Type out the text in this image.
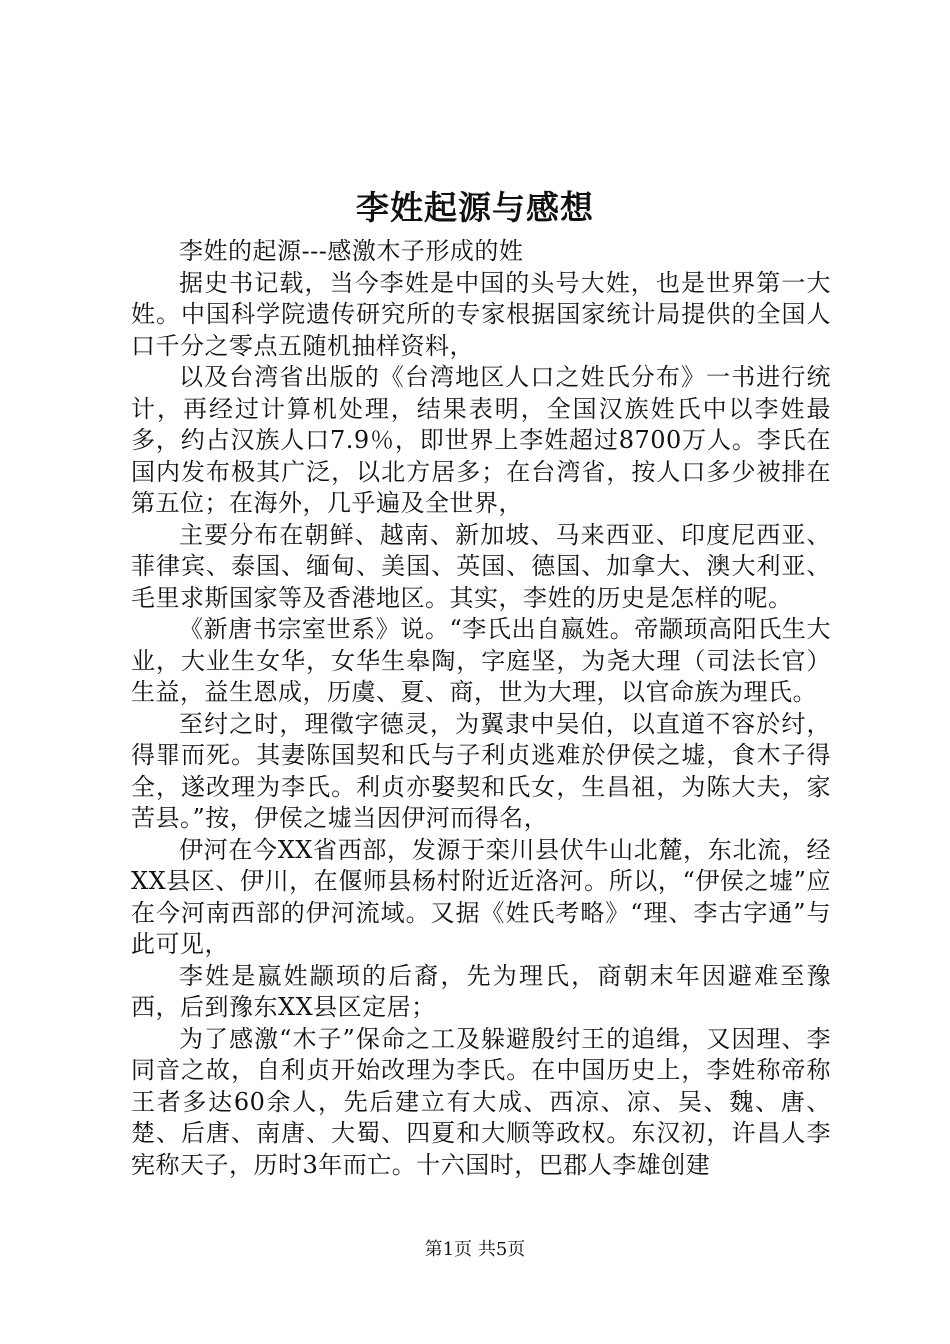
李姓起源与感想

李姓的起源---感激木子形成的姓

据史书记载，当今李姓是中国的头号大姓，也是世界第一大姓。中国科学院遗传研究所的专家根据国家统计局提供的全国人口千分之零点五随机抽样资料，

以及台湾省出版的《台湾地区人口之姓氏分布》一书进行统计，再经过计算机处理，结果表明，全国汉族姓氏中以李姓最多，约占汉族人口7.9％，即世界上李姓超过8700万人。李氏在国内发布极其广泛，以北方居多；在台湾省，按人口多少被排在第五位；在海外，几乎遍及全世界，

主要分布在朝鲜、越南、新加坡、马来西亚、印度尼西亚、菲律宾、泰国、缅甸、美国、英国、德国、加拿大、澳大利亚、毛里求斯国家等及香港地区。其实，李姓的历史是怎样的呢。

《新唐书宗室世系》说。“李氏出自嬴姓。帝颛顼高阳氏生大业，大业生女华，女华生皋陶，字庭坚，为尧大理（司法长官）生益，益生恩成，历虞、夏、商，世为大理，以官命族为理氏。

至纣之时，理徵字德灵，为翼隶中吴伯，以直道不容於纣，得罪而死。其妻陈国契和氏与子利贞逃难於伊侯之墟，食木子得全，遂改理为李氏。利贞亦娶契和氏女，生昌祖，为陈大夫，家苦县。”按，伊侯之墟当因伊河而得名，

伊河在今XX省西部，发源于栾川县伏牛山北麓，东北流，经XX县区、伊川，在偃师县杨村附近近洛河。所以，“伊侯之墟”应在今河南西部的伊河流域。又据《姓氏考略》“理、李古字通”与此可见，

李姓是嬴姓颛顼的后裔，先为理氏，商朝末年因避难至豫西，后到豫东XX县区定居；

为了感激“木子”保命之工及躲避殷纣王的追缉，又因理、李同音之故，自利贞开始改理为李氏。在中国历史上，李姓称帝称王者多达60余人，先后建立有大成、西凉、凉、吴、魏、唐、楚、后唐、南唐、大蜀、四夏和大顺等政权。东汉初，许昌人李宪称天子，历时3年而亡。十六国时，巴郡人李雄创建

第1页 共5页
